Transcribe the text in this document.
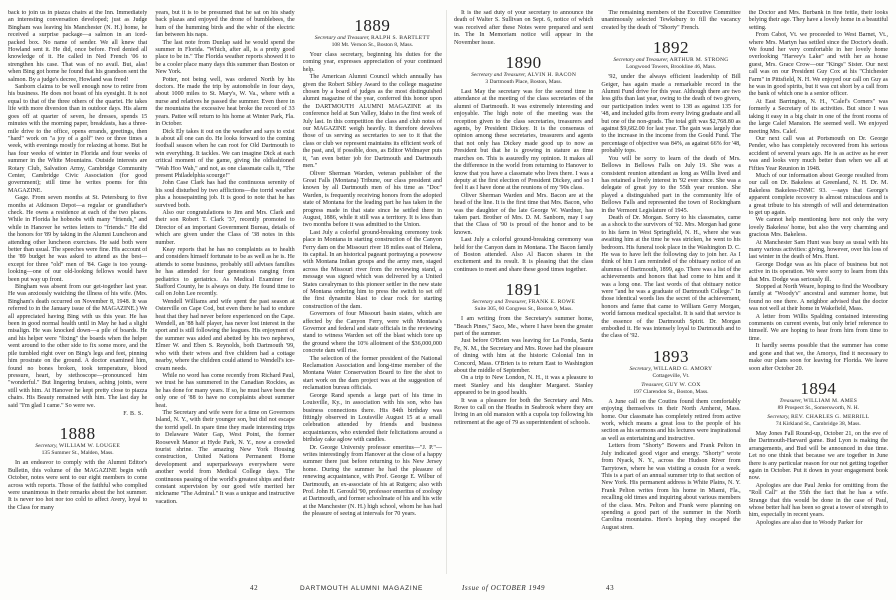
back to join us in piazza chairs at the Inn. Immediately an interesting conversation developed; just as Judge Bingham was leaving his Manchester (N. H.) home, he received a surprise package—a salmon in an iced-packed box. No name of sender. We all knew that Howland sent it. He did, once before. Fred denied all knowledge of it. He called in Ned French '06 to strengthen his case. That was of no avail. But, alas! when Bing got home he found that his grandson sent the salmon. By a judge's decree, Howland was freed!

Sanborn claims to be well enough now to retire from his business. He does not boast of his eyesight. It is not equal to that of the three others of the quartet. He takes life with more diversion than in outdoor days. His alarm goes off at quarter of seven, he dresses, spends 15 minutes with the morning paper, breakfasts, has a three-mile drive to the office, opens errands, greetings, then "hard" work on "a joy of a golf" two or three times a week, with evenings mostly for relaxing at home. But he has four weeks of winter in Florida and four weeks of summer in the White Mountains. Outside interests are Rotary Club, Salvation Army, Cambridge Community Center, Cambridge Civic Association (for good government); still time he writes poems for this MAGAZINE.

Gage. From seven months at St. Petersburg to five months at Atkinson Depot—a regular or grandfather's check. He owns a residence at each of the two places. While in Florida he hobnobs with many "friends," and while in Hanover he writes letters to "friends." He did the honors for '89 by taking in the Alumni Luncheon and attending other luncheon exercises. He said both were better than usual. The speeches were fine. His account of the '89 budget he was asked to attend as the best—except for three "old" men of '84. Gage is too young-looking—one of our old-looking fellows would have been put way up front.

Bingham was absent from our get-together last year. He was anxiously watching the illness of his wife. (Mrs. Bingham's death occurred on November 8, 1948. It was referred to in the January issue of the MAGAZINE.) We all appreciated having Bing with us this year. He has been in good normal health until in May he had a slight misalign. He was knocked down—a pile of boards. He and his helper were "fixing" the boards when the helper went around to the other side to fix some more, and the pile tumbled right over on Bing's legs and feet, pinning him prostrate on the ground. A doctor examined him, found no bones broken, took temperature, blood pressure, heart, by stethoscope—pronounced him "wonderful." But lingering bruises, aching joints, were still with him. At Hanover he kept pretty close to piazza chairs. His Beauty remained with him. The last day he said "I'm glad I came." So were we.

F. B. S.
1888
Secretary, WILLIAM W. LOUGEE
135 Summer St., Malden, Mass.

In an endeavor to comply with the Alumni Editor's Bulletin, this volume of the MAGAZINE begin with October, notes were sent to our eight members to come across with reports. Those of the faithful who complied were unanimous in their remarks about the hot summer. It is never too hot nor too cold to affect Avery, loyal to the Class for many

years, but it is to be presumed that he sat on his shady back plazas and enjoyed the drone of bumblebees, the hum of the humming birds and the whir of the electric fan between his naps.

The last note from Dunlap said he would spend the summer in Florida. "Which, after all, is a pretty good place to be in." The Florida weather reports showed it to be a cooler place many days this summer than Boston or New York.

Potter, not being well, was ordered North by his doctors. He made the trip by automobile in four days, about 1000 miles to St. Mary's, W. Va., where with a nurse and relatives he passed the summer. Even there in the mountains the excessive heat broke the record of 33 years. Pattee will return to his home at Winter Park, Fla. in October.

Dick Ely takes it out on the weather and says to exist is about all one can do. He looks forward to the coming football season when he can root for Old Dartmouth to win everything. It tackles. We can imagine Dick at each critical moment of the game, giving the oldfashioned "Wah Hoo Wah," and not, as one classmate calls it, "The present Philadelphia scourge!"

John Case Clark has had the continuous serenity of his soul disturbed by two afflictions—the torrid weather plus a housepainting job. It is good to note that he has survived both.

Also our congratulations to Jim and Mrs. Clark and their son Robert T. Clark '37, recently promoted to Director of an important Government Bureau, details of which are given under the Class of '38 notes in this number.

Keay reports that he has no complaints as to health and considers himself fortunate to be as well as he is. He attends to some business, probably still advises families he has attended for four generations ranging from pediatrics to geriatrics. As Medical Examiner for Stafford County, he is always on duty. He found time to call on John Lee recently.

Wendell Williams and wife spent the past season at Osterville on Cape Cod, but even there he had to endure heat that they had never before experienced on the Cape. Wendell, an '88 half player, has never lost interest in the sport and is still following the leagues. His enjoyment of the summer was aided and abetted by his two nephews, Elmer W. and Eben S. Reynolds, both Dartmouth '99, who with their wives and five children had a cottage nearby, where the children could attend to Wendell's ice-cream needs.

While no word has come recently from Richard Paul, we trust he has summered in the Canadian Rockies, as he has done for many years. If so, he must have been the only one of '88 to have no complaints about summer heat.

The Secretary and wife were for a time on Governors Island, N. Y., with their younger son, but did not escape the torrid spell. In spare time they made interesting trips to Delaware Water Gap, West Point, the former Roosevelt Manor at Hyde Park, N. Y., now a crowded tourist shrine. The amazing New York Housing construction, United Nations Permanent Home development and superparkways everywhere were another world from Medical College days. The continuous passing of the world's greatest ships and their constant supervision by our good wife merited her nickname "The Admiral." It was a unique and instructive vacation.

1889
Secretary and Treasurer, RALPH S. BARTLETT
108 Mt. Vernon St., Boston 8, Mass.

Your class secretary, beginning his duties for the coming year, expresses appreciation of your continued help.

The American Alumni Council which annually has given the Robert Sibley Award to the college magazine chosen by a board of judges as the most distinguished alumni magazine of the year, conferred this honor upon the DARTMOUTH ALUMNI MAGAZINE at its conference held at Sun Valley, Idaho in the first week of July last. In this competition the class and club notes of our MAGAZINE weigh heavily. It therefore devolves those of us serving as secretaries to see to it that the class or club we represent maintains its efficient work of the past, and, if possible, does, as Editor Widmayer puts it, "an even better job for Dartmouth and Dartmouth men."

Oliver Sherman Warden, veteran publisher of the Great Falls (Montana) Tribune, our class president and known by all Dartmouth men of his time as "Doc" Warden, is frequently receiving honors from the adopted state of Montana for the leading part he has taken in the progress made in that state since he settled there in August, 1886, while it still was a territory. It is less than two months before it was admitted to the Union.

Last July a colorful ground-breaking ceremony took place in Montana in starting construction of the Canyon Ferry dam on the Missouri river 18 miles east of Helena, its capital. In an historical pageant portraying a powwow with Montana Indian groups and the army men, staged across the Missouri river from the reviewing stand, a message was signed which was delivered by a United States cavalryman to this pioneer settler in the new state of Montana ordering him to press the switch to set off the first dynamite blast to clear rock for starting construction of the dam.

Governors of four Missouri basin states, which are affected by the Canyon Ferry, were with Montana's Governor and federal and state officials in the reviewing stand to witness Warden set off the blast which tore up the ground where the 10% allotment of the $36,000,000 concrete dam will rise.

The selection of the former president of the National Reclamation Association and long-time member of the Montana Water Conservation Board to fire the shot to start work on the dam project was at the suggestion of reclamation bureau officials.

George Rand spends a large part of his time in Louisville, Ky., in association with his son, who has business connections there. His 84th birthday was fittingly observed in Louisville August 15 at a small celebration attended by friends and business acquaintances, who extended their felicitations around a birthday cake aglow with candles.

Dr. George Universiy professor emeritus—"J. P."—writes interestingly from Hanover at the close of a happy summer there just before returning to his New Jersey home. During the summer he had the pleasure of renewing acquaintance, with Prof. George E. Wilbur of Dartmouth, an ex-associate of his at Rutgers; also with Prof. John H. Gerould '90, professor emeritus of zoology at Dartmouth, and former schoolmate of his and his wife at the Manchester (N. H.) high school, whom he has had the pleasure of seeing at intervals for 70 years.

It is the sad duty of your secretary to announce the death of Walter S. Sullivan on Sept. 6, notice of which was received after these Notes were prepared and sent in. The In Memoriam notice will appear in the November issue.

1890
Secretary and Treasurer, ALVIN H. BACON
3 Dartmouth Place, Boston, Mass.

Last May the secretary was for the second time in attendance at the meeting of the class secretaries of the alumni of Dartmouth. It was extremely interesting and enjoyable. The high note of the meeting was the reception given to the class secretaries, treasurers and agents, by President Dickey. It is the consensus of opinion among these secretaries, treasurers and agents that not only has Dickey made good up to now as President but that he is growing in stature as time marches on. This is assuredly my opinion. It makes all the difference in the world from returning to Hanover to know that you have a classmate who lives there. I was a deputy at the first election of President Dickey, and so I feel it as I have done at the reunions of my '90s class.

Oliver Sherman Warden and Mrs. Bacon are at the head of the line. It is the first time that Mrs. Bacon, who was the daughter of the late George W. Wardner, has taken part. Brother of Mrs. D. M. Sanborn, may I say that the Class of '90 is proud of the honor and to be known.

Last July a colorful ground-breaking ceremony was held for the Canyon dam in Montana. The Bacon family of Boston attended. Also Al Bacon shares in the excitement and its result. It is pleasing that the class continues to meet and share these good times together.

1891
Secretary and Treasurer, FRANK E. ROWE
Suite 305, 60 Congress St., Boston 9, Mass.

I am writing from the Secretary's summer home, "Beach Pines," Saco, Me., where I have been the greater part of the summer.

Just before O'Brien was leaving for La Fonda, Santa Fe, N. M., the Secretary and Mrs. Rowe had the pleasure of dining with him at the historic Colonial Inn in Concord, Mass. O'Brien is to return East to Washington about the middle of September.

On a trip to New London, N. H., it was a pleasure to meet Stanley and his daughter Margaret. Stanley appeared to be in good health.

It was a pleasure for both the Secretary and Mrs. Rowe to call on the Heaths in Seabrook where they are living in an old mansion with a cupola top following his retirement at the age of 79 as superintendent of schools.

The remaining members of the Executive Committee unanimously selected Tewksbury to fill the vacancy created by the death of "Shorty" French.

1892
Secretary and Treasurer, ARTHUR M. STRONG
Longwood Towers, Brookline 46, Mass.

'92, under the always efficient leadership of Bill Geiger, has again made a remarkable record in the Alumni Fund drive for this year. Although there are two less gifts than last year, owing to the death of two givers, our participation index went to 138 as against 135 for '48, and included gifts from every living graduate and all but one of the non-grads. The total gift was $2,768.80 as against $9,682.00 for last year. The gain was largely due to the increase in the income from the Gould Fund. The percentage of objective was 84%, as against 66% for '48, probably tops.

You will be sorry to learn of the death of Mrs. Bellows in Bellows Falls on July 19. She was a consistent reunion attendant as long as Willis lived and has retained a lively interest in '92 ever since. She was a delegate of great joy to the 55th year reunion. She played a distinguished part in the community life of Bellows Falls and represented the town of Rockingham in the Vermont Legislature of 1945.

Death of Dr. Morgan. Sorry to his classmates, came as a shock to the survivors of '92. Mrs. Morgan had gone to his farm in West Springfield, N. H., where she was awaiting him at the time he was stricken, he went to his bedroom. His funeral took place in the Washington D. C. He was to have left the following day to join her. As I think of him I am reminded of the obituary notice of an alumnus of Dartmouth, 1899, ago. There was a list of the achievements and honors that had come to him and it was a long one. The last words of that obituary notice were "and he was a graduate of Dartmouth College." In those identical words lies the secret of the achievement, honors and fame that came to William Gerry Morgan, world famous medical specialist. It is said that service is the essence of the Dartmouth Spirit. Dr. Morgan embodied it. He was intensely loyal to Dartmouth and to the class of '92.

1893
Secretary, WILLARD G. AMORY
Cottageville, Vt.
Treasurer, GUY W. COX
197 Clarendon St., Boston, Mass.

A June call on the Coutins found them comfortably enjoying themselves in their North Amherst, Mass. home. Our classmate has completely retired from active work, which means a great loss to the people of his section as his sermons and his lectures were inspirational as well as entertaining and instructive.

Letters from "Shorty" Bowers and Frank Pelton in July indicated good vigor and energy. "Shorty" wrote from Nyack, N. Y., across the Hudson River from Tarrytown, where he was visiting a cousin for a week. This is a part of an annual summer trip to that section of New York. His permanent address is White Plains, N. Y. Frank Pelton writes from his home in Miami, Fla., recalling old times and inquiring about various members of the class. Mrs. Pelton and Frank were planning on spending a good part of the summer in the North Carolina mountains. Here's hoping they escaped the August siren.

the Doctor and Mrs. Burbank in fine fettle, their looks belying their age. They have a lovely home in a beautiful setting.

From Cabot, Vt. we proceeded to West Barnet, Vt., where Mrs. Martyn has settled since the Doctor's death. We found her very comfortable in her lovely home overlooking "Harvey's Lake" and with her as house guest, Mrs. Grace Crow—our "Kings" Sister. Our next call was on our President Guy Cox at his "Chichester Farm" in Pittsfield, N. H. We enjoyed our call on Guy as he was in good spirits, but it was cut short by a call from the bank of which one is a senior officer.

At East Barrington, N. H., "Calef's Corners" was formerly a Secretary of its activities. But since I was taking it easy in a big chair in one of the front rooms of the large Calef Mansion. He seemed well. We enjoyed meeting Mrs. Calef.

Our next call was at Portsmouth on Dr. George Pender, who has completely recovered from his serious accident of several years ago. He is as active as he ever was and looks very much better than when we all at Fifties Year Reunion in 1948.

Much of our information about George resulted from our call on Dr. Bakeless at Greenland, N. H. Dr. M. Bakeless Bakeless-INMC 93. —says that George's apparent complete recovery is almost miraculous and is a great tribute to his strength of will and determination to get up again.

We cannot help mentioning here not only the very lovely Bakeless' home, but also the very charming and gracious Mrs. Bakeless.

At Manchester Sam Hunt was busy as usual with his many various activities: giving, however, over his loss of last winter in the death of Mrs. Hunt.

George Dodge was as his place of business but not active in its operation. We were sorry to learn from this that Mrs. Dodge was seriously ill.

Stopped at North Weare, hoping to find the Woodbury family at "Woody's" ancestral and summer home, but found no one there. A neighbor advised that the doctor was not well at their home in Wakefield, Mass.

A letter from Willis Spalding contained interesting comments on current events, but only brief reference to himself. We are hoping to hear from him from time to time.

It hardly seems possible that the summer has come and gone and that we, the Amorys, find it necessary to make our plans soon for leaving for Florida. We leave soon after October 20.

1894
Treasurer, WILLIAM M. AMES
89 Prospect St., Somersworth, N. H.
Secretary, REV. CHARLES G. MERRILL
74 Kirkland St., Cambridge 38, Mass.

May Jones Fall Round-up, October 21, on the eve of the Dartmouth-Harvard game. Bud Lyon is making the arrangements, and Bud will be announced in due time. Let no one think that because we are together in June there is any particular reason for our not getting together again in October. Put it down in your engagement book now.

Apologies are due Paul Jenks for omitting from the "Roll Call" at the 55th the fact that he has a wife. Strange that this would be done in the case of Paul, whose better half has been so great a tower of strength to him, especially in recent years.

Apologies are also due to Woody Parker for

42	DARTMOUTH ALUMNI MAGAZINE	Issue of OCTOBER 1949	43
